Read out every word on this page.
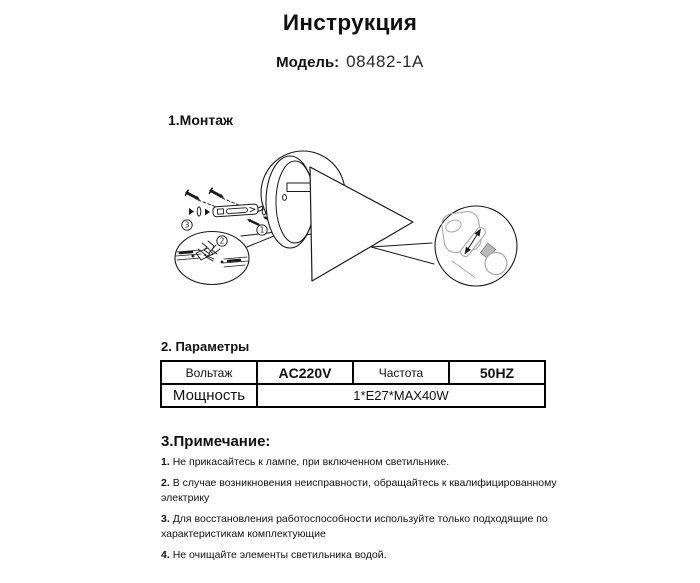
Инструкция

Модель: 08482-1A

1.Монтаж
3
1
2
2. Параметры
Вольтаж	AC220V	Частота	50HZ
Мощность	1*E27*MAX40W		
3.Примечание:

1. Не прикасайтесь к лампе, при включенном светильнике.

2. В случае возникновения неисправности, обращайтесь к квалифицированному электрику

3. Для восстановления работоспособности используйте только подходящие по характеристикам комплектующие

4. Не очищайте элементы светильника водой.
